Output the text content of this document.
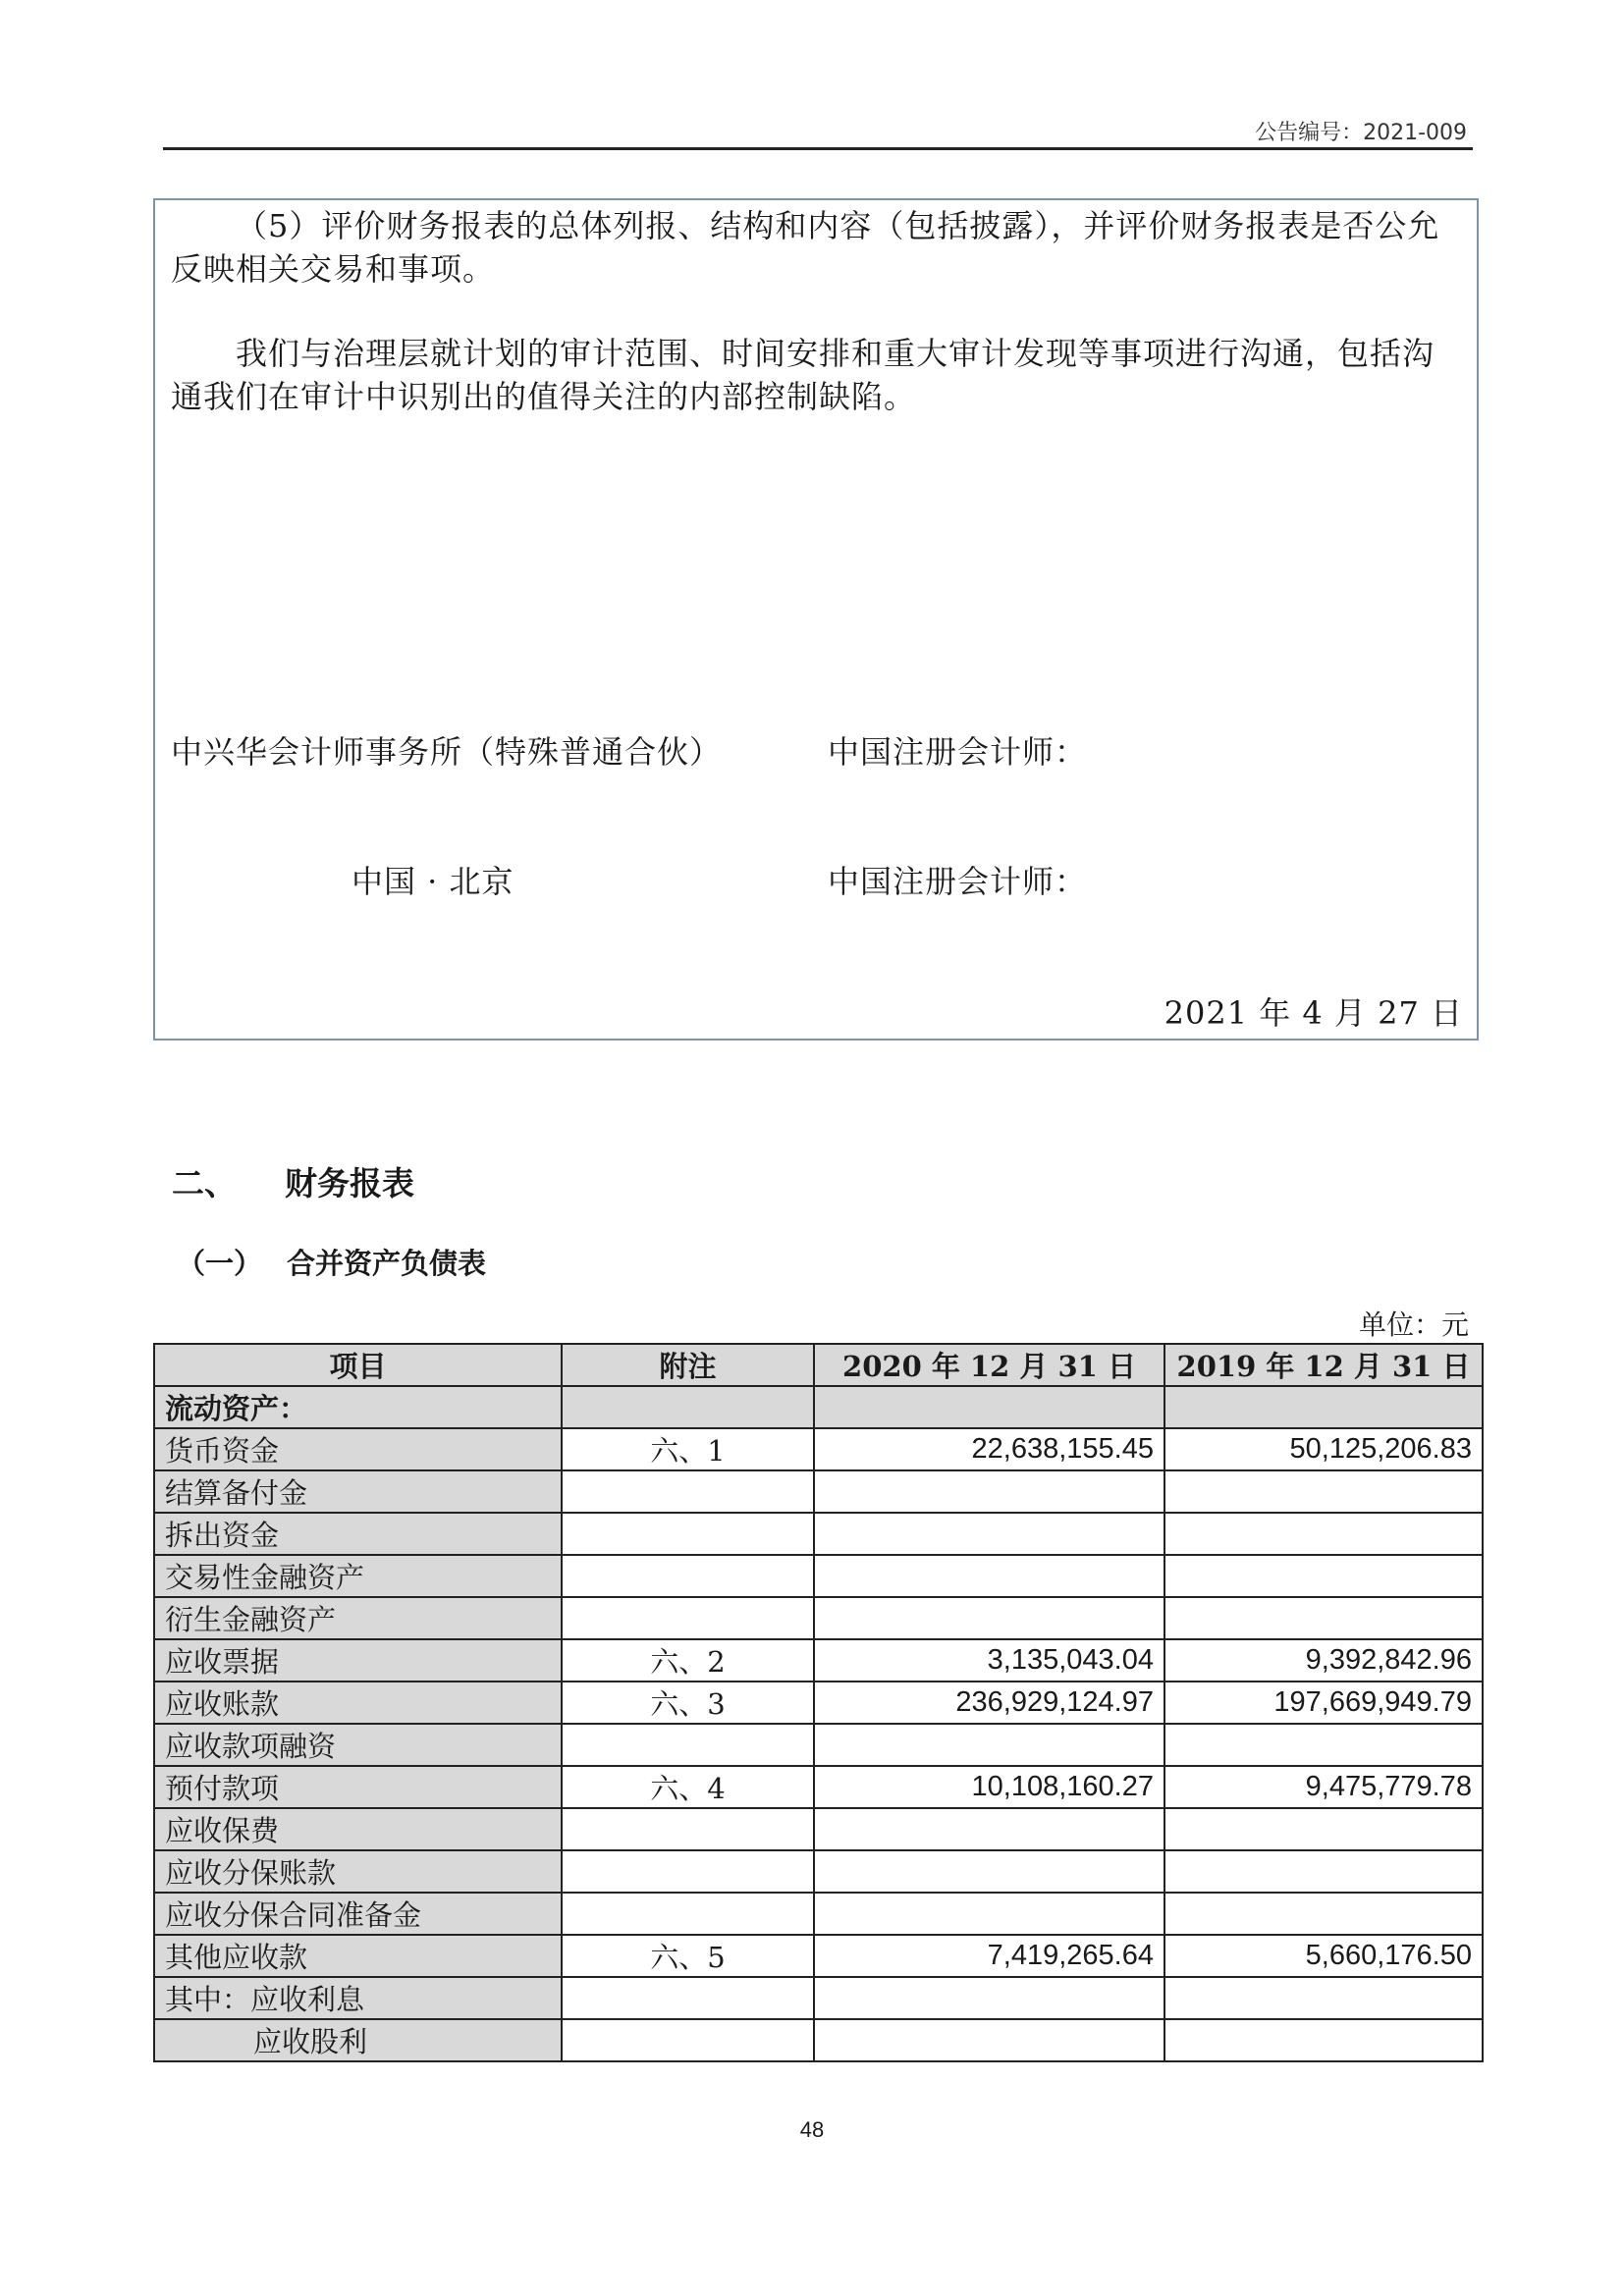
公告编号：2021-009

（5）评价财务报表的总体列报、结构和内容（包括披露），并评价财务报表是否公允反映相关交易和事项。

我们与治理层就计划的审计范围、时间安排和重大审计发现等事项进行沟通，包括沟通我们在审计中识别出的值得关注的内部控制缺陷。

中兴华会计师事务所（特殊普通合伙）	中国注册会计师：

中国 · 北京	中国注册会计师：

2021 年 4 月 27 日

二、 财务报表
（一） 合并资产负债表
单位：元
项目	附注	2020 年 12 月 31 日	2019 年 12 月 31 日
流动资产：			
货币资金	六、1	22,638,155.45	50,125,206.83
结算备付金			
拆出资金			
交易性金融资产			
衍生金融资产			
应收票据	六、2	3,135,043.04	9,392,842.96
应收账款	六、3	236,929,124.97	197,669,949.79
应收款项融资			
预付款项	六、4	10,108,160.27	9,475,779.78
应收保费			
应收分保账款			
应收分保合同准备金			
其他应收款	六、5	7,419,265.64	5,660,176.50
其中：应收利息			
应收股利			
48
